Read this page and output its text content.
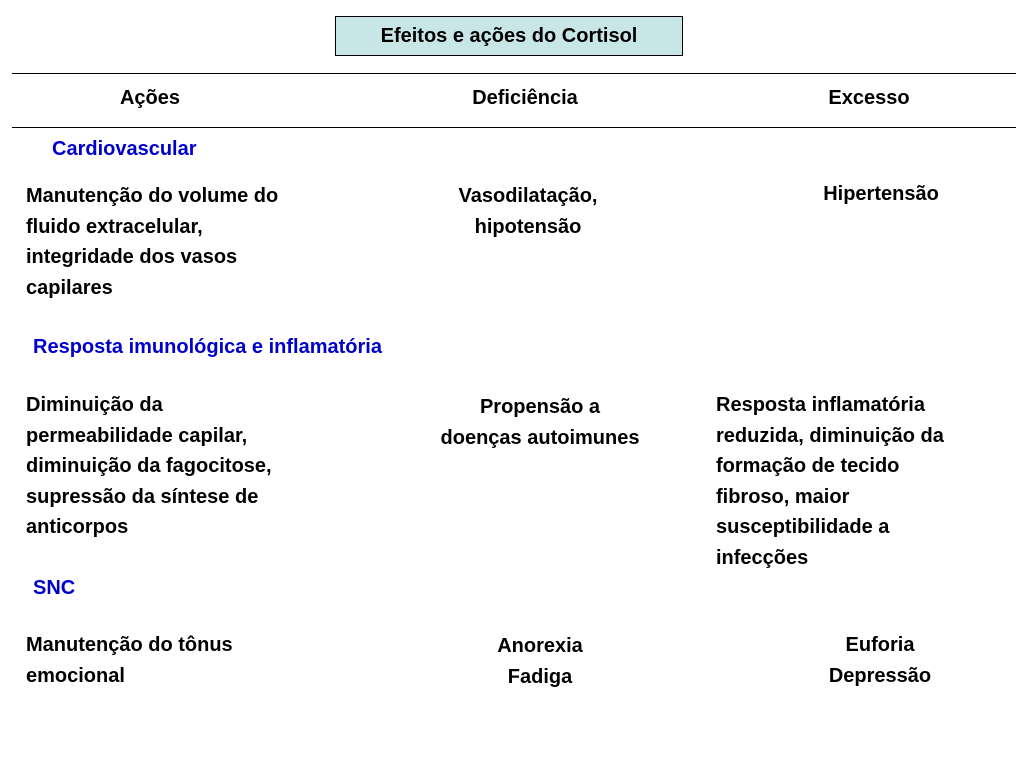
Efeitos e ações do Cortisol
Ações	Deficiência	Excesso
Cardiovascular
Manutenção do volume do
fluido extracelular,
integridade dos vasos
capilares
Vasodilatação,
hipotensão
Hipertensão
Resposta imunológica e inflamatória
Diminuição da
permeabilidade capilar,
diminuição da fagocitose,
supressão da síntese de
anticorpos
Propensão a
doenças autoimunes
Resposta inflamatória
reduzida, diminuição da
formação de tecido
fibroso, maior
susceptibilidade a
infecções
SNC
Manutenção do tônus
emocional
Anorexia
Fadiga
Euforia
Depressão
